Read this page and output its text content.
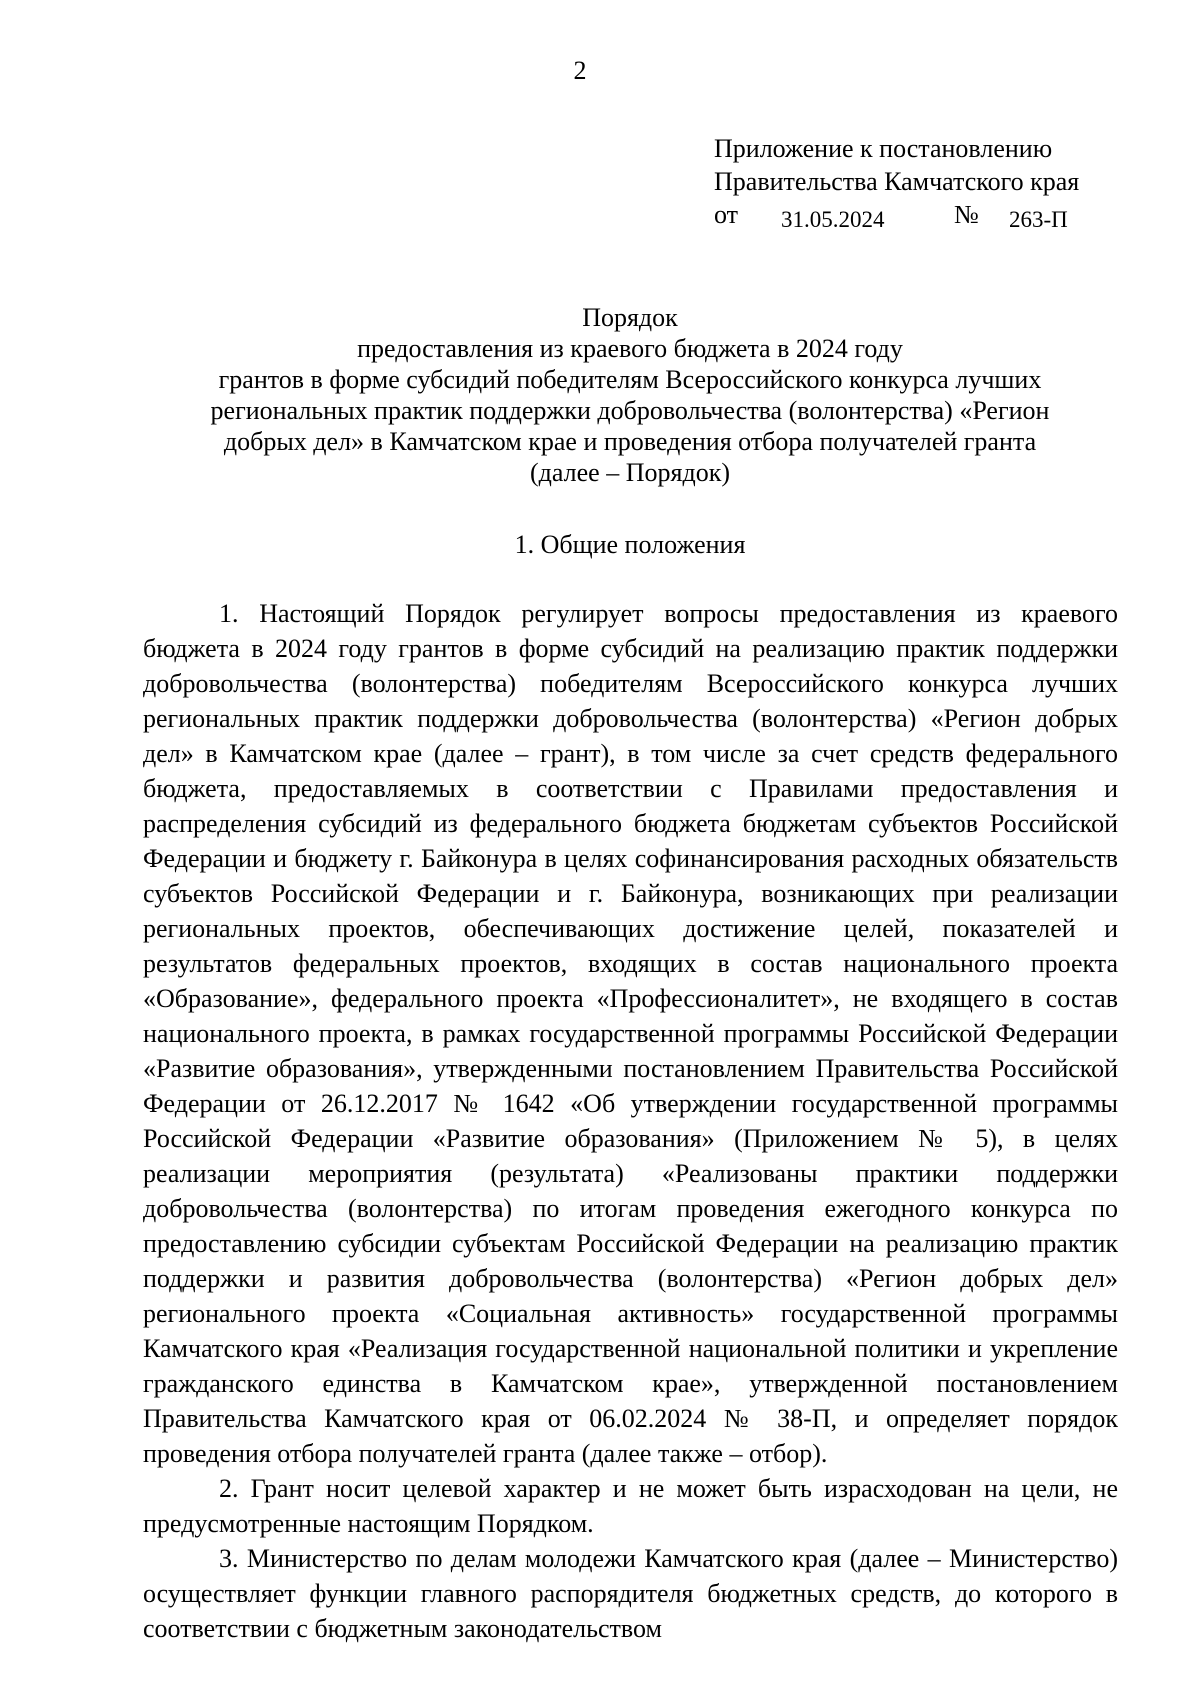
2
Приложение к постановлению
Правительства Камчатского края
от 31.05.2024	№ 263-П
Порядок
предоставления из краевого бюджета в 2024 году
грантов в форме субсидий победителям Всероссийского конкурса лучших
региональных практик поддержки добровольчества (волонтерства) «Регион
добрых дел» в Камчатском крае и проведения отбора получателей гранта
(далее – Порядок)
1. Общие положения

1. Настоящий Порядок регулирует вопросы предоставления из краевого бюджета в 2024 году грантов в форме субсидий на реализацию практик поддержки добровольчества (волонтерства) победителям Всероссийского конкурса лучших региональных практик поддержки добровольчества (волонтерства) «Регион добрых дел» в Камчатском крае (далее – грант), в том числе за счет средств федерального бюджета, предоставляемых в соответствии с Правилами предоставления и распределения субсидий из федерального бюджета бюджетам субъектов Российской Федерации и бюджету г. Байконура в целях софинансирования расходных обязательств субъектов Российской Федерации и г. Байконура, возникающих при реализации региональных проектов, обеспечивающих достижение целей, показателей и результатов федеральных проектов, входящих в состав национального проекта «Образование», федерального проекта «Профессионалитет», не входящего в состав национального проекта, в рамках государственной программы Российской Федерации «Развитие образования», утвержденными постановлением Правительства Российской Федерации от 26.12.2017 № 1642 «Об утверждении государственной программы Российской Федерации «Развитие образования» (Приложением № 5), в целях реализации мероприятия (результата) «Реализованы практики поддержки добровольчества (волонтерства) по итогам проведения ежегодного конкурса по предоставлению субсидии субъектам Российской Федерации на реализацию практик поддержки и развития добровольчества (волонтерства) «Регион добрых дел» регионального проекта «Социальная активность» государственной программы Камчатского края «Реализация государственной национальной политики и укрепление гражданского единства в Камчатском крае», утвержденной постановлением Правительства Камчатского края от 06.02.2024 № 38-П, и определяет порядок проведения отбора получателей гранта (далее также – отбор).

2. Грант носит целевой характер и не может быть израсходован на цели, не предусмотренные настоящим Порядком.

3. Министерство по делам молодежи Камчатского края (далее – Министерство) осуществляет функции главного распорядителя бюджетных средств, до которого в соответствии с бюджетным законодательством
